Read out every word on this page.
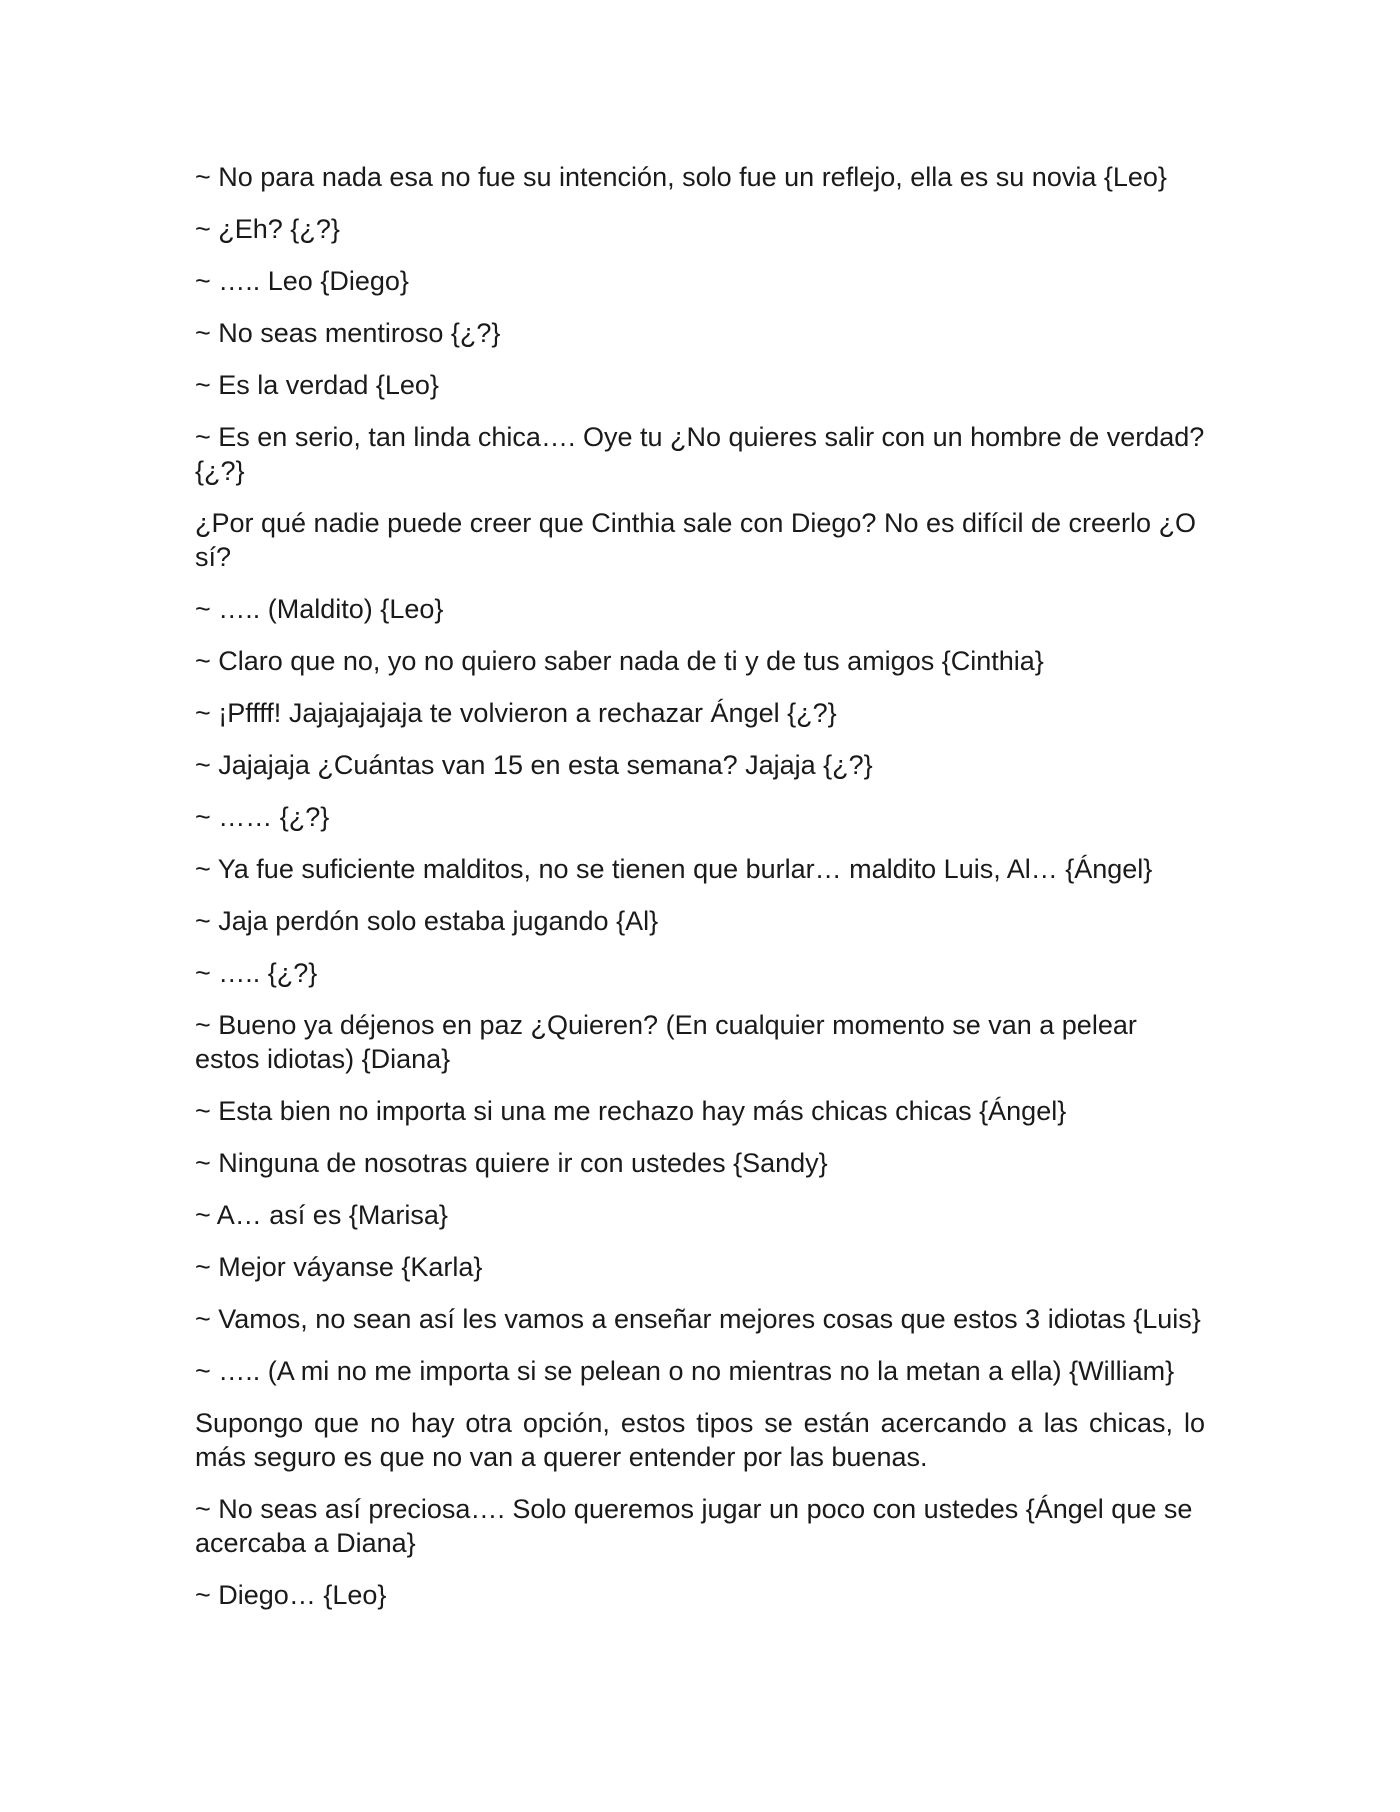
~ No para nada esa no fue su intención, solo fue un reflejo, ella es su novia {Leo}

~ ¿Eh? {¿?}

~ ….. Leo {Diego}

~ No seas mentiroso {¿?}

~ Es la verdad {Leo}

~ Es en serio, tan linda chica…. Oye tu ¿No quieres salir con un hombre de verdad? {¿?}

¿Por qué nadie puede creer que Cinthia sale con Diego? No es difícil de creerlo ¿O sí?

~ ….. (Maldito) {Leo}

~ Claro que no, yo no quiero saber nada de ti y de tus amigos {Cinthia}

~ ¡Pffff! Jajajajajaja te volvieron a rechazar Ángel {¿?}

~ Jajajaja ¿Cuántas van 15 en esta semana? Jajaja {¿?}

~ …… {¿?}

~ Ya fue suficiente malditos, no se tienen que burlar… maldito Luis, Al… {Ángel}

~ Jaja perdón solo estaba jugando {Al}

~ ….. {¿?}

~ Bueno ya déjenos en paz ¿Quieren? (En cualquier momento se van a pelear estos idiotas) {Diana}

~ Esta bien no importa si una me rechazo hay más chicas chicas {Ángel}

~ Ninguna de nosotras quiere ir con ustedes {Sandy}

~ A… así es {Marisa}

~ Mejor váyanse {Karla}

~ Vamos, no sean así les vamos a enseñar mejores cosas que estos 3 idiotas {Luis}

~ ….. (A mi no me importa si se pelean o no mientras no la metan a ella) {William}

Supongo que no hay otra opción, estos tipos se están acercando a las chicas, lo más seguro es que no van a querer entender por las buenas.

~ No seas así preciosa…. Solo queremos jugar un poco con ustedes {Ángel que se acercaba a Diana}

~ Diego… {Leo}
